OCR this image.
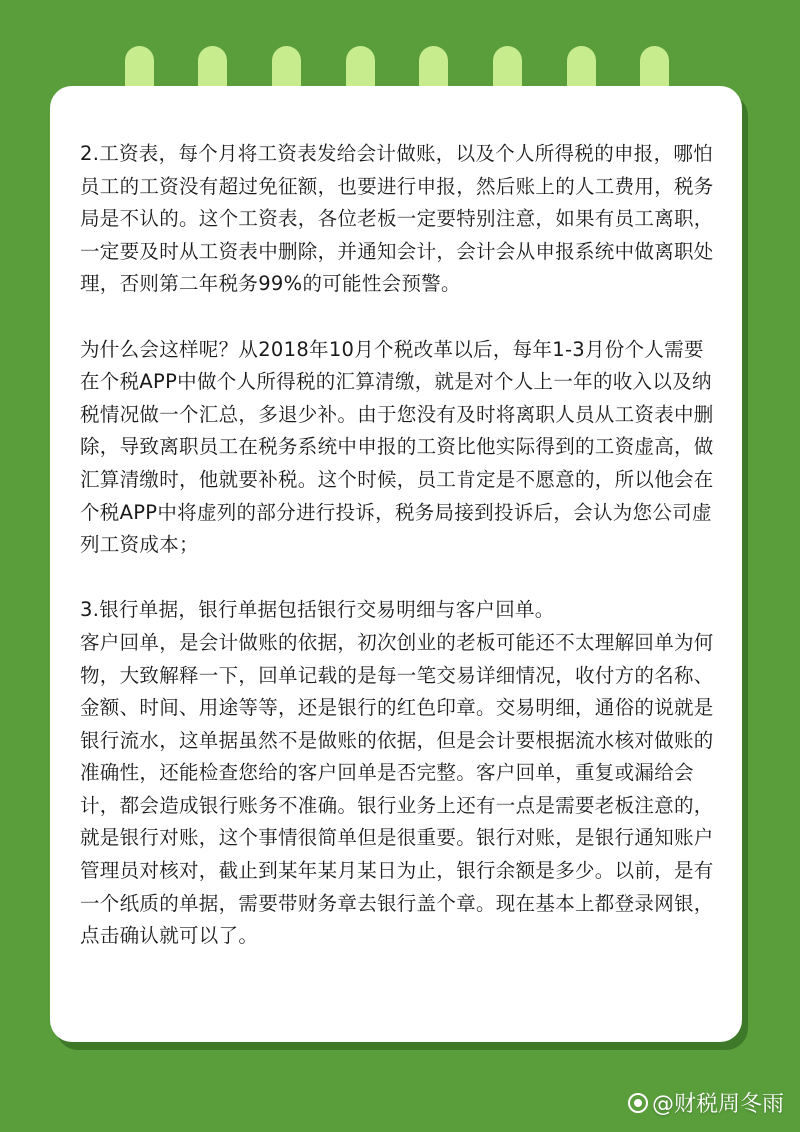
2.工资表，每个月将工资表发给会计做账，以及个人所得税的申报，哪怕员工的工资没有超过免征额，也要进行申报，然后账上的人工费用，税务局是不认的。这个工资表，各位老板一定要特别注意，如果有员工离职，一定要及时从工资表中删除，并通知会计，会计会从申报系统中做离职处理，否则第二年税务99%的可能性会预警。

为什么会这样呢？从2018年10月个税改革以后，每年1-3月份个人需要在个税APP中做个人所得税的汇算清缴，就是对个人上一年的收入以及纳税情况做一个汇总，多退少补。由于您没有及时将离职人员从工资表中删除，导致离职员工在税务系统中申报的工资比他实际得到的工资虚高，做汇算清缴时，他就要补税。这个时候，员工肯定是不愿意的，所以他会在个税APP中将虚列的部分进行投诉，税务局接到投诉后，会认为您公司虚列工资成本；

3.银行单据，银行单据包括银行交易明细与客户回单。

客户回单，是会计做账的依据，初次创业的老板可能还不太理解回单为何物，大致解释一下，回单记载的是每一笔交易详细情况，收付方的名称、金额、时间、用途等等，还是银行的红色印章。交易明细，通俗的说就是银行流水，这单据虽然不是做账的依据，但是会计要根据流水核对做账的准确性，还能检查您给的客户回单是否完整。客户回单，重复或漏给会计，都会造成银行账务不准确。银行业务上还有一点是需要老板注意的，就是银行对账，这个事情很简单但是很重要。银行对账，是银行通知账户管理员对核对，截止到某年某月某日为止，银行余额是多少。以前，是有一个纸质的单据，需要带财务章去银行盖个章。现在基本上都登录网银，点击确认就可以了。

@财税周冬雨
